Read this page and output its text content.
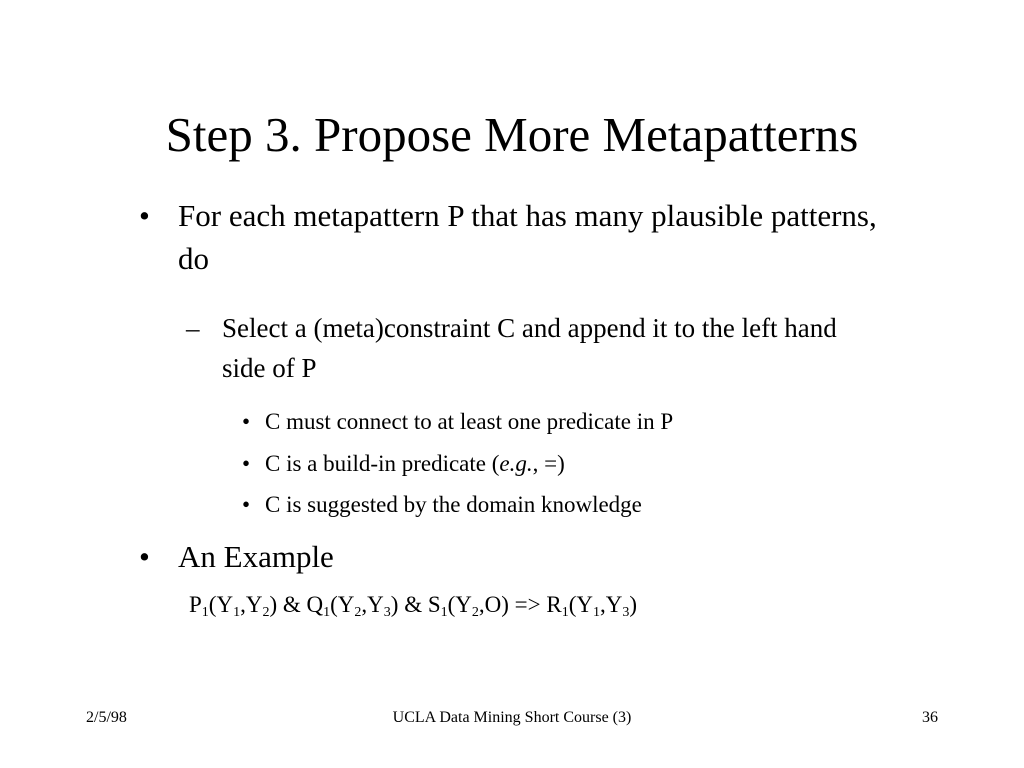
Step 3. Propose More Metapatterns
• For each metapattern P that has many plausible patterns, do
– Select a (meta)constraint C and append it to the left hand side of P
• C must connect to at least one predicate in P
• C is a build-in predicate (e.g., =)
• C is suggested by the domain knowledge
• An Example
$P_1(Y_1,Y_2)$ & $Q_1(Y_2,Y_3)$ & $S_1(Y_2,O) => R_1(Y_1,Y_3)$
2/5/98	UCLA Data Mining Short Course (3)	36
